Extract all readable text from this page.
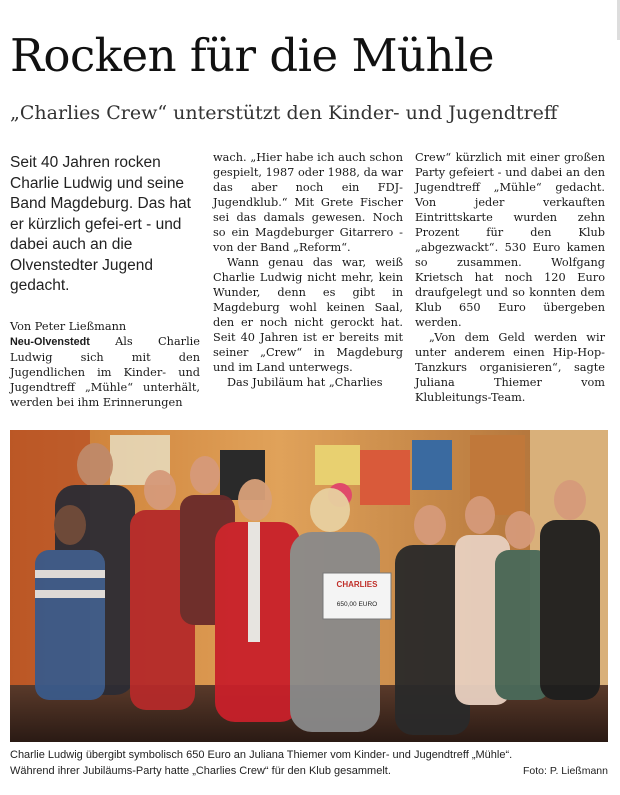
Rocken für die Mühle
„Charlies Crew“ unterstützt den Kinder- und Jugendtreff

Seit 40 Jahren rocken Charlie Ludwig und seine Band Magdeburg. Das hat er kürzlich gefei-ert - und dabei auch an die Olvenstedter Jugend gedacht.

Von Peter Ließmann

Neu-Olvenstedt Als Charlie Ludwig sich mit den Jugendlichen im Kinder- und Jugendtreff „Mühle“ unterhält, werden bei ihm Erinnerungen

wach. „Hier habe ich auch schon gespielt, 1987 oder 1988, da war das aber noch ein FDJ-Jugendklub.“ Mit Grete Fischer sei das damals gewesen. Noch so ein Magdeburger Gitarrero - von der Band „Reform“.

Wann genau das war, weiß Charlie Ludwig nicht mehr, kein Wunder, denn es gibt in Magdeburg wohl keinen Saal, den er noch nicht gerockt hat. Seit 40 Jahren ist er bereits mit seiner „Crew“ in Magdeburg und im Land unterwegs.

Das Jubiläum hat „Charlies

Crew“ kürzlich mit einer großen Party gefeiert - und dabei an den Jugendtreff „Mühle“ gedacht. Von jeder verkauften Eintrittskarte wurden zehn Prozent für den Klub „abgezwackt“. 530 Euro kamen so zusammen. Wolfgang Krietsch hat noch 120 Euro draufgelegt und so konnten dem Klub 650 Euro übergeben werden.

„Von dem Geld werden wir unter anderem einen Hip-Hop-Tanzkurs organisieren“, sagte Juliana Thiemer vom Klubleitungs-Team.

CHARLIES
650,00 EURO
Charlie Ludwig übergibt symbolisch 650 Euro an Juliana Thiemer vom Kinder- und Jugendtreff „Mühle“.
Während ihrer Jubiläums-Party hatte „Charlies Crew“ für den Klub gesammelt.	Foto: P. Ließmann
